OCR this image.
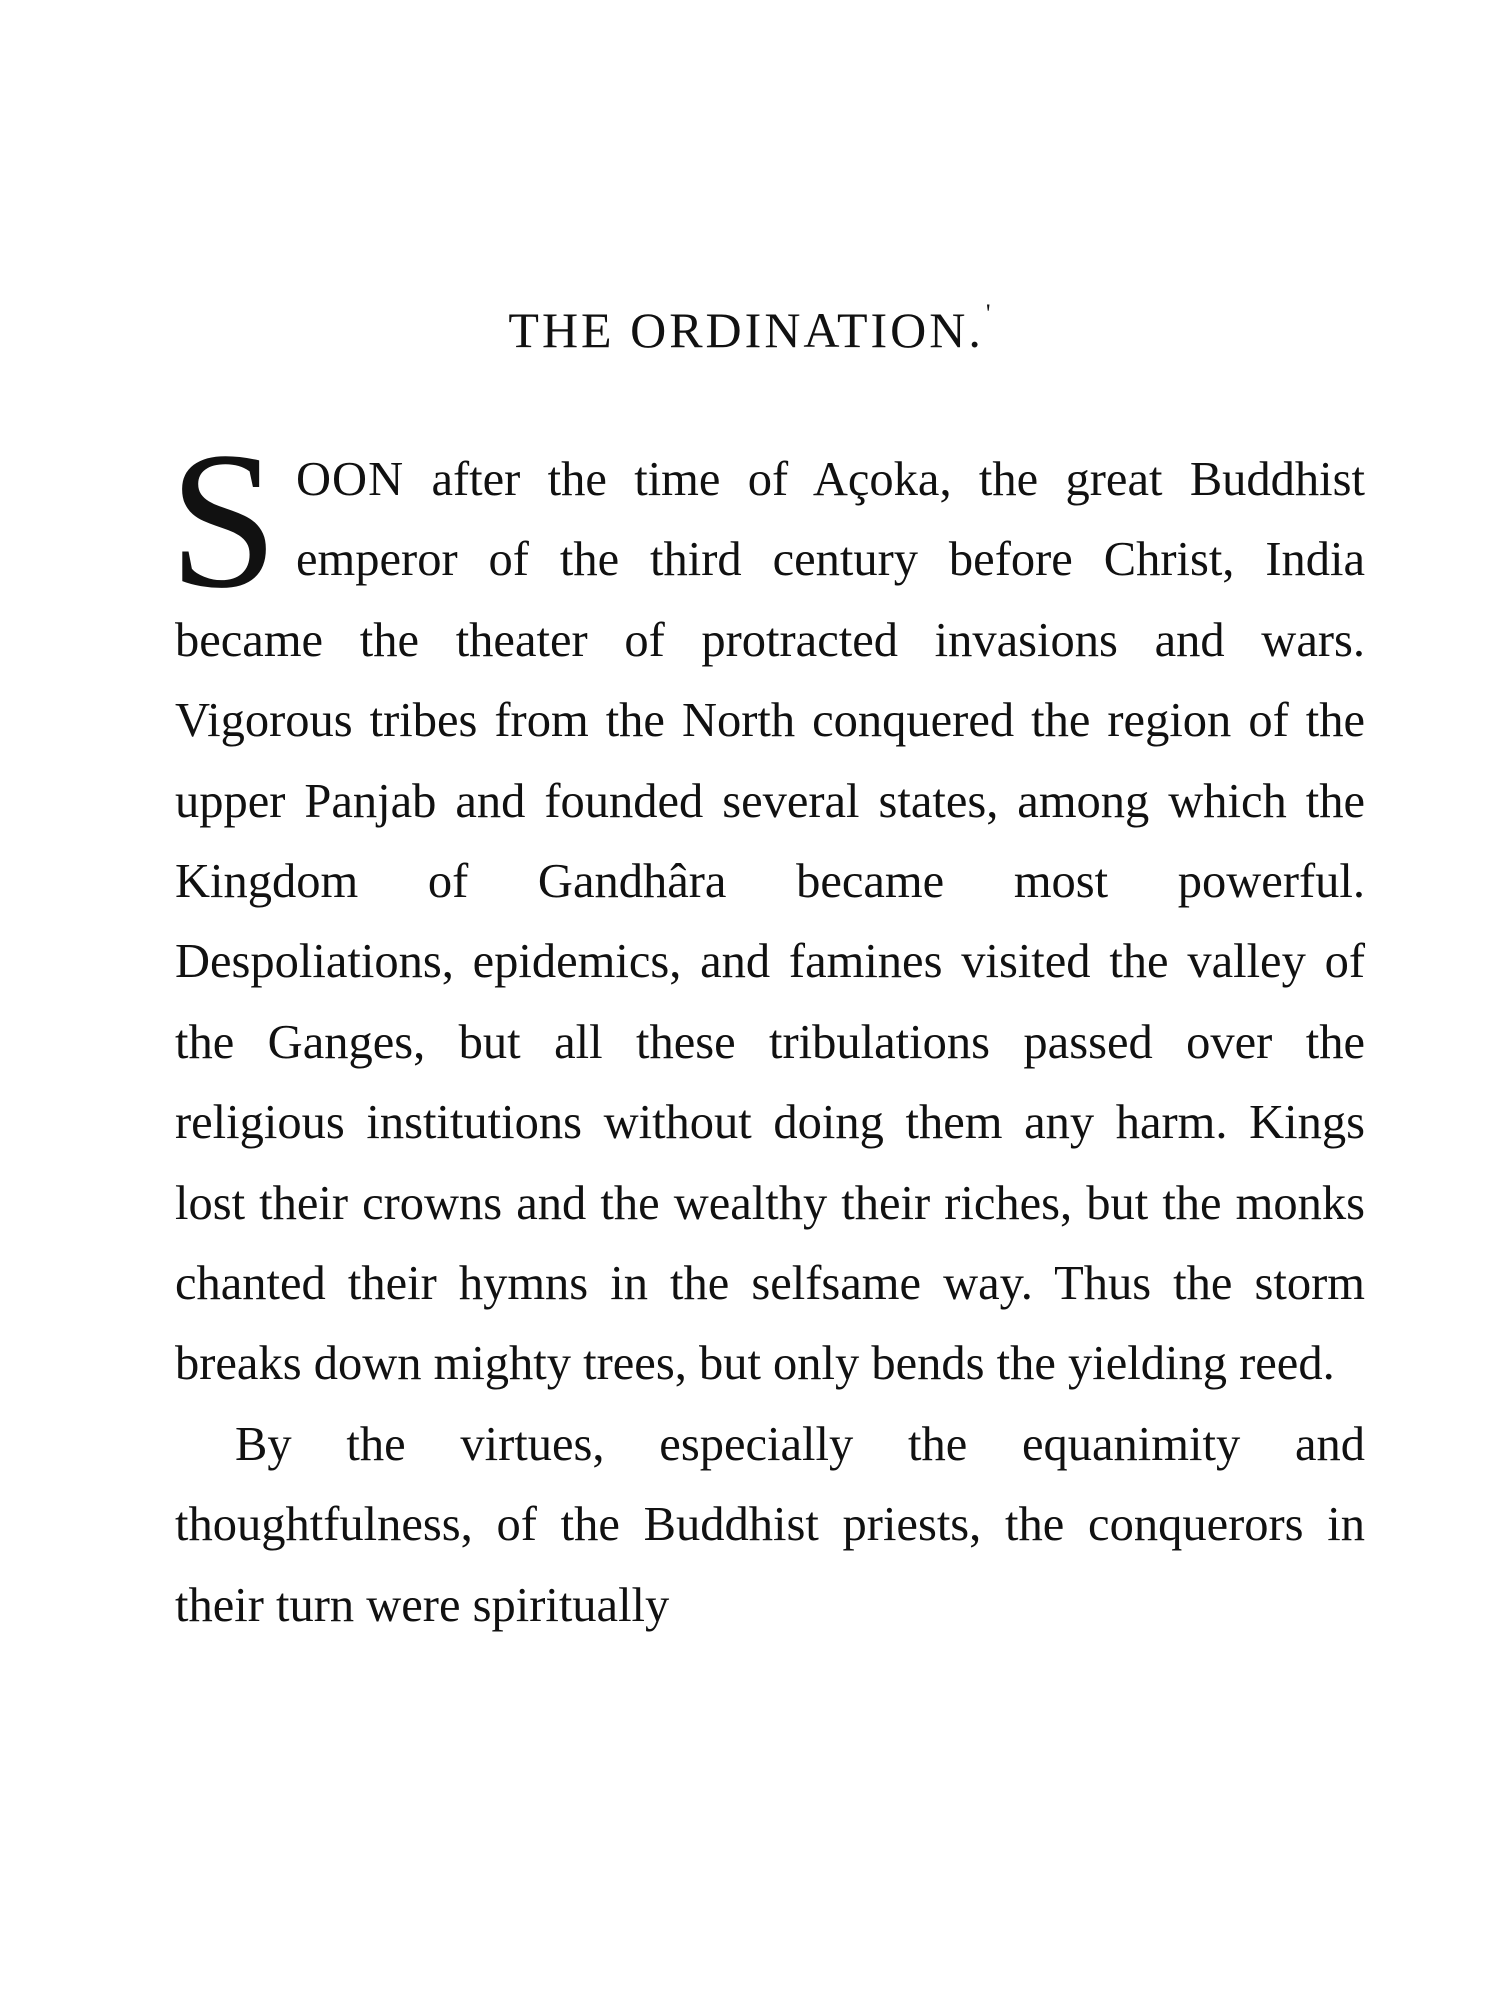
THE ORDINATION.'

SOON after the time of Açoka, the great Buddhist emperor of the third century before Christ, India became the theater of protracted invasions and wars. Vigorous tribes from the North conquered the region of the upper Panjab and founded several states, among which the Kingdom of Gandhâra became most powerful. Despoliations, epidemics, and famines visited the valley of the Ganges, but all these tribulations passed over the religious institutions without doing them any harm. Kings lost their crowns and the wealthy their riches, but the monks chanted their hymns in the selfsame way. Thus the storm breaks down mighty trees, but only bends the yielding reed.

By the virtues, especially the equanimity and thoughtfulness, of the Buddhist priests, the conquerors in their turn were spiritually
